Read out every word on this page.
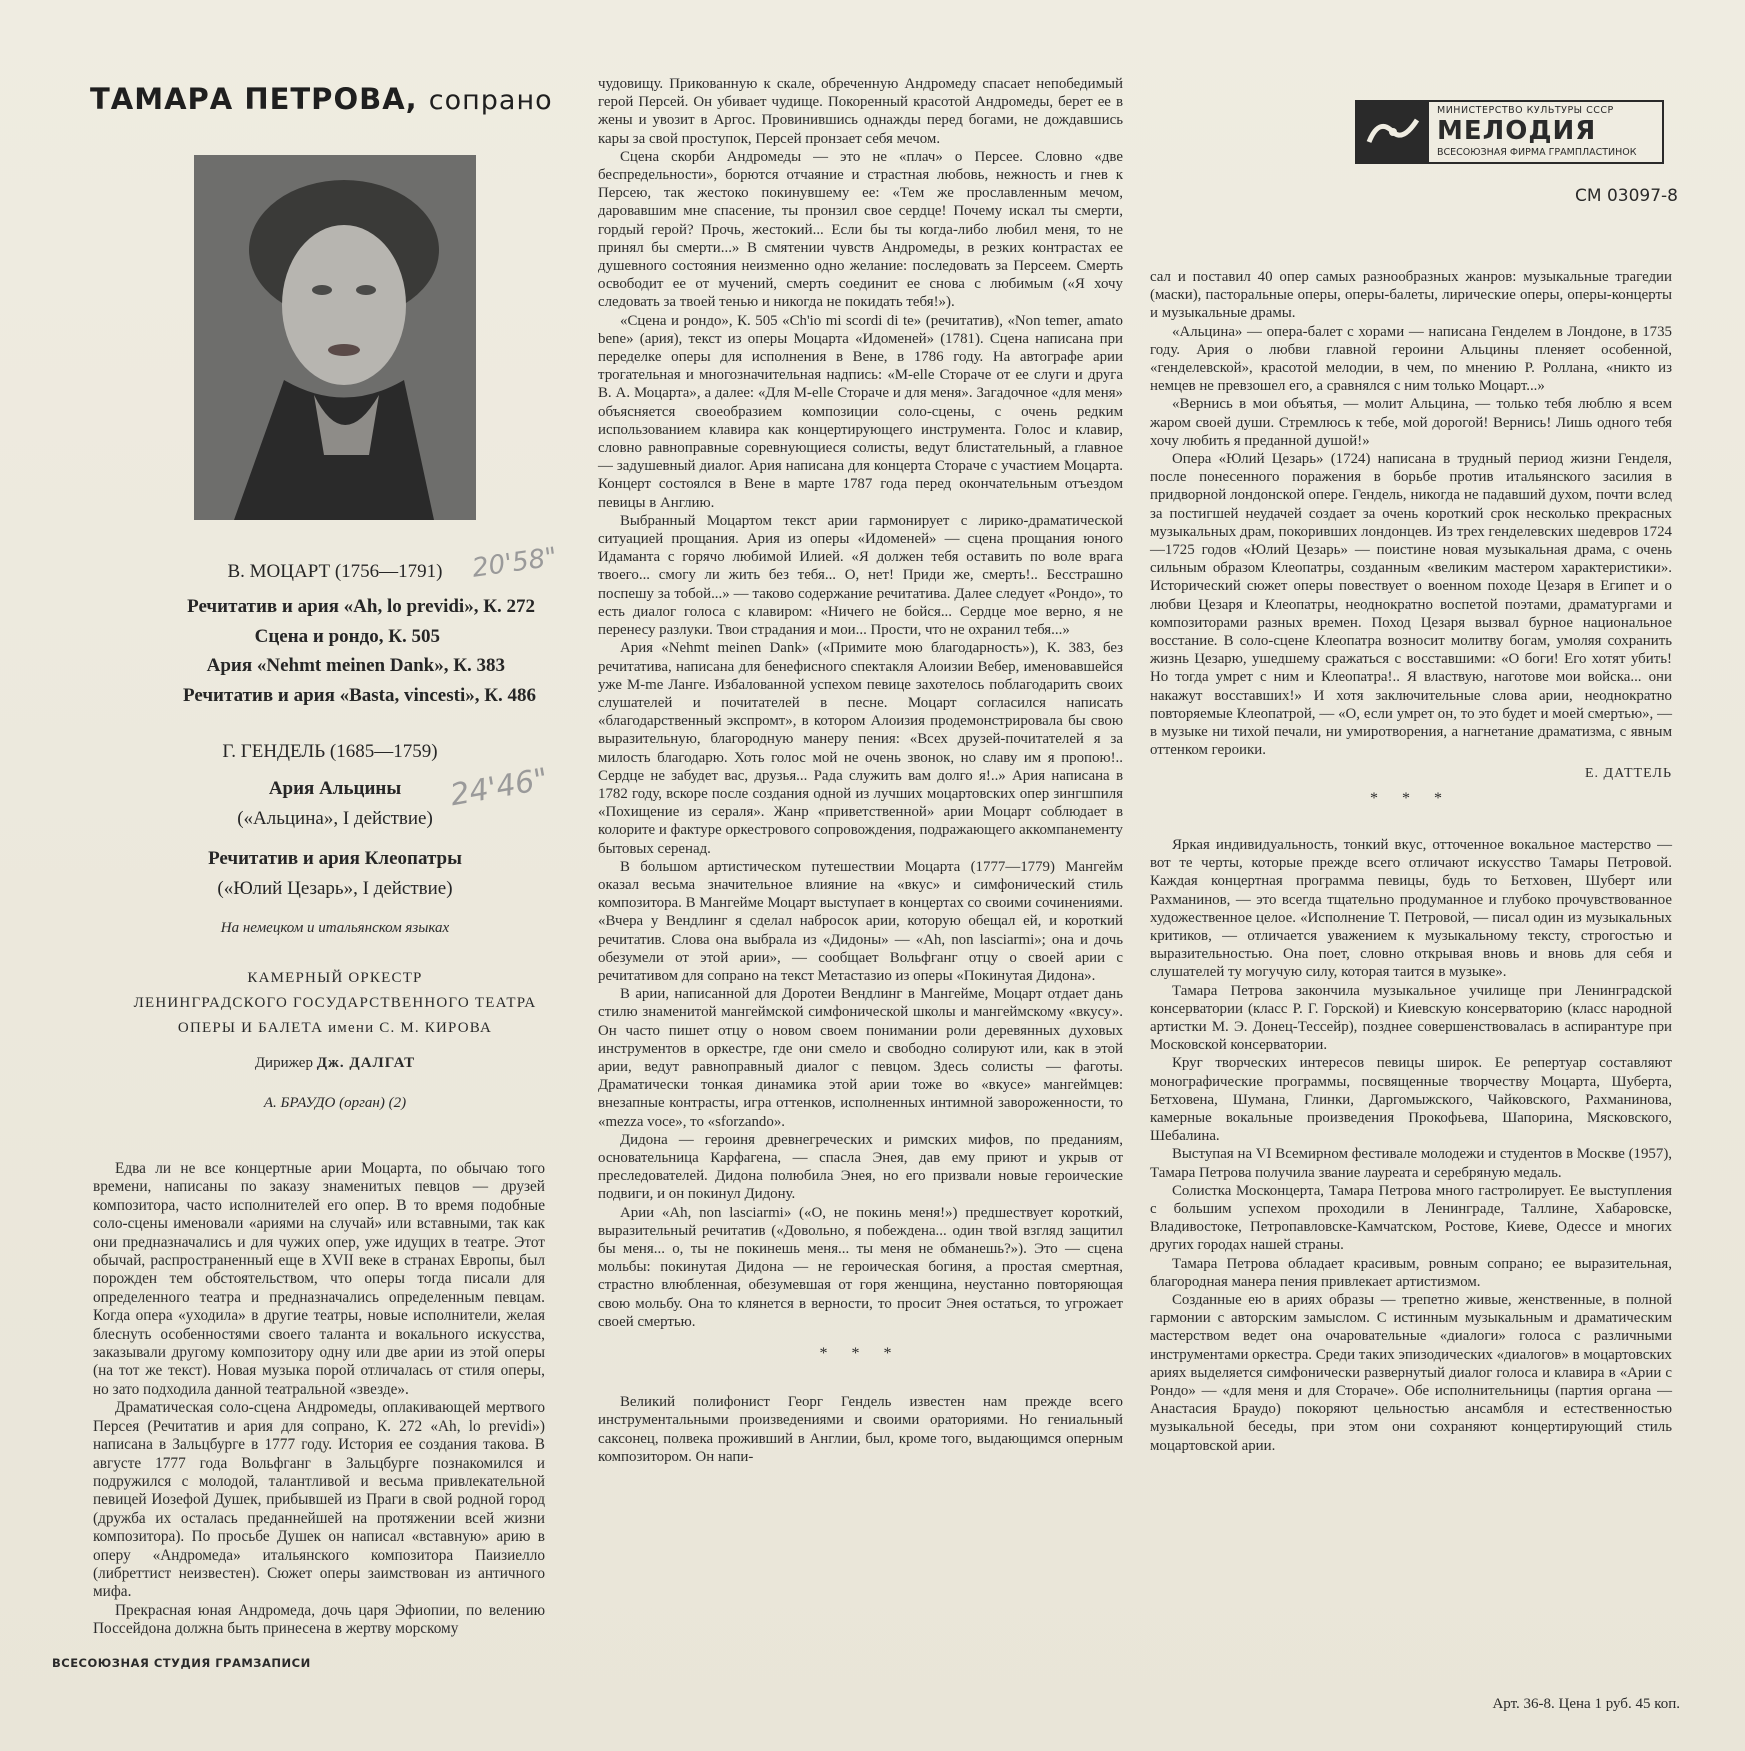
ТАМАРА ПЕТРОВА, сопрано
В. МОЦАРТ (1756—1791)	20'58"
Речитатив и ария «Ah, lo previdi», К. 272
Сцена и рондо, К. 505
Ария «Nehmt meinen Dank», К. 383
Речитатив и ария «Basta, vincesti», К. 486
Г. ГЕНДЕЛЬ (1685—1759)
24'46"
Ария Альцины
(«Альцина», I действие)
Речитатив и ария Клеопатры
(«Юлий Цезарь», I действие)
На немецком и итальянском языках
КАМЕРНЫЙ ОРКЕСТР
ЛЕНИНГРАДСКОГО ГОСУДАРСТВЕННОГО ТЕАТРА
ОПЕРЫ И БАЛЕТА имени С. М. КИРОВА
Дирижер Дж. ДАЛГАТ
А. БРАУДО (орган) (2)

Едва ли не все концертные арии Моцарта, по обычаю того времени, написаны по заказу знаменитых певцов — друзей композитора, часто исполнителей его опер. В то время подобные соло-сцены именовали «ариями на случай» или вставными, так как они предназначались и для чужих опер, уже идущих в театре. Этот обычай, распространенный еще в XVII веке в странах Европы, был порожден тем обстоятельством, что оперы тогда писали для определенного театра и предназначались определенным певцам. Когда опера «уходила» в другие театры, новые исполнители, желая блеснуть особенностями своего таланта и вокального искусства, заказывали другому композитору одну или две арии из этой оперы (на тот же текст). Новая музыка порой отличалась от стиля оперы, но зато подходила данной театральной «звезде».

Драматическая соло-сцена Андромеды, оплакивающей мертвого Персея (Речитатив и ария для сопрано, К. 272 «Ah, lo previdi») написана в Зальцбурге в 1777 году. История ее создания такова. В августе 1777 года Вольфганг в Зальцбурге познакомился и подружился с молодой, талантливой и весьма привлекательной певицей Иозефой Душек, прибывшей из Праги в свой родной город (дружба их осталась преданнейшей на протяжении всей жизни композитора). По просьбе Душек он написал «вставную» арию в оперу «Андромеда» итальянского композитора Паизиелло (либреттист неизвестен). Сюжет оперы заимствован из античного мифа.

Прекрасная юная Андромеда, дочь царя Эфиопии, по велению Поссейдона должна быть принесена в жертву морскому

чудовищу. Прикованную к скале, обреченную Андромеду спасает непобедимый герой Персей. Он убивает чудище. Покоренный красотой Андромеды, берет ее в жены и увозит в Аргос. Провинившись однажды перед богами, не дождавшись кары за свой проступок, Персей пронзает себя мечом.

Сцена скорби Андромеды — это не «плач» о Персее. Словно «две беспредельности», борются отчаяние и страстная любовь, нежность и гнев к Персею, так жестоко покинувшему ее: «Тем же прославленным мечом, даровавшим мне спасение, ты пронзил свое сердце! Почему искал ты смерти, гордый герой? Прочь, жестокий... Если бы ты когда-либо любил меня, то не принял бы смерти...» В смятении чувств Андромеды, в резких контрастах ее душевного состояния неизменно одно желание: последовать за Персеем. Смерть освободит ее от мучений, смерть соединит ее снова с любимым («Я хочу следовать за твоей тенью и никогда не покидать тебя!»).

«Сцена и рондо», К. 505 «Ch'io mi scordi di te» (речитатив), «Non temer, amato bene» (ария), текст из оперы Моцарта «Идоменей» (1781). Сцена написана при переделке оперы для исполнения в Вене, в 1786 году. На автографе арии трогательная и многозначительная надпись: «M-elle Сторaче от ее слуги и друга В. А. Моцарта», а далее: «Для M-elle Сторaче и для меня». Загадочное «для меня» объясняется своеобразием композиции соло-сцены, с очень редким использованием клавира как концертирующего инструмента. Голос и клавир, словно равноправные соревнующиеся солисты, ведут блистательный, а главное — задушевный диалог. Ария написана для концерта Сторaче с участием Моцарта. Концерт состоялся в Вене в марте 1787 года перед окончательным отъездом певицы в Англию.

Выбранный Моцартом текст арии гармонирует с лирико-драматической ситуацией прощания. Ария из оперы «Идоменей» — сцена прощания юного Идаманта с горячо любимой Илией. «Я должен тебя оставить по воле врага твоего... смогу ли жить без тебя... О, нет! Приди же, смерть!.. Бесстрашно поспешу за тобой...» — таково содержание речитатива. Далее следует «Рондо», то есть диалог голоса с клавиром: «Ничего не бойся... Сердце мое верно, я не перенесу разлуки. Твои страдания и мои... Прости, что не охранил тебя...»

Ария «Nehmt meinen Dank» («Примите мою благодарность»), К. 383, без речитатива, написана для бенефисного спектакля Алоизии Вебер, именовавшейся уже M-me Ланге. Избалованной успехом певице захотелось поблагодарить своих слушателей и почитателей в песне. Моцарт согласился написать «благодарственный экспромт», в котором Алоизия продемонстрировала бы свою выразительную, благородную манеру пения: «Всех друзей-почитателей я за милость благодарю. Хоть голос мой не очень звонок, но славу им я пропою!.. Сердце не забудет вас, друзья... Рада служить вам долго я!..» Ария написана в 1782 году, вскоре после создания одной из лучших моцартовских опер зингшпиля «Похищение из сераля». Жанр «приветственной» арии Моцарт соблюдает в колорите и фактуре оркестрового сопровождения, подражающего аккомпанементу бытовых серенад.

В большом артистическом путешествии Моцарта (1777—1779) Мангейм оказал весьма значительное влияние на «вкус» и симфонический стиль композитора. В Мангейме Моцарт выступает в концертах со своими сочинениями. «Вчера у Вендлинг я сделал набросок арии, которую обещал ей, и короткий речитатив. Слова она выбрала из «Дидоны» — «Ah, non lasciarmi»; она и дочь обезумели от этой арии», — сообщает Вольфганг отцу о своей арии с речитативом для сопрано на текст Метастазио из оперы «Покинутая Дидона».

В арии, написанной для Доротеи Вендлинг в Мангейме, Моцарт отдает дань стилю знаменитой мангеймской симфонической школы и мангеймскому «вкусу». Он часто пишет отцу о новом своем понимании роли деревянных духовых инструментов в оркестре, где они смело и свободно солируют или, как в этой арии, ведут равноправный диалог с певцом. Здесь солисты — фаготы. Драматически тонкая динамика этой арии тоже во «вкусе» мангеймцев: внезапные контрасты, игра оттенков, исполненных интимной завороженности, то «mezza voce», то «sforzando».

Дидона — героиня древнегреческих и римских мифов, по преданиям, основательница Карфагена, — спасла Энея, дав ему приют и укрыв от преследователей. Дидона полюбила Энея, но его призвали новые героические подвиги, и он покинул Дидону.

Арии «Ah, non lasciarmi» («О, не покинь меня!») предшествует короткий, выразительный речитатив («Довольно, я побеждена... один твой взгляд защитил бы меня... о, ты не покинешь меня... ты меня не обманешь?»). Это — сцена мольбы: покинутая Дидона — не героическая богиня, а простая смертная, страстно влюбленная, обезумевшая от горя женщина, неустанно повторяющая свою мольбу. Она то клянется в верности, то просит Энея остаться, то угрожает своей смертью.

* * *

Великий полифонист Георг Гендель известен нам прежде всего инструментальными произведениями и своими ораториями. Но гениальный саксонец, полвека проживший в Англии, был, кроме того, выдающимся оперным композитором. Он напи-

МИНИСТЕРСТВО КУЛЬТУРЫ СССР
МЕЛОДИЯ
ВСЕСОЮЗНАЯ ФИРМА ГРАМПЛАСТИНОК
СМ 03097-8

сал и поставил 40 опер самых разнообразных жанров: музыкальные трагедии (маски), пасторальные оперы, оперы-балеты, лирические оперы, оперы-концерты и музыкальные драмы.

«Альцина» — опера-балет с хорами — написана Генделем в Лондоне, в 1735 году. Ария о любви главной героини Альцины пленяет особенной, «генделевской», красотой мелодии, в чем, по мнению Р. Роллана, «никто из немцев не превзошел его, а сравнялся с ним только Моцарт...»

«Вернись в мои объятья, — молит Альцина, — только тебя люблю я всем жаром своей души. Стремлюсь к тебе, мой дорогой! Вернись! Лишь одного тебя хочу любить я преданной душой!»

Опера «Юлий Цезарь» (1724) написана в трудный период жизни Генделя, после понесенного поражения в борьбе против итальянского засилия в придворной лондонской опере. Гендель, никогда не падавший духом, почти вслед за постигшей неудачей создает за очень короткий срок несколько прекрасных музыкальных драм, покоривших лондонцев. Из трех генделевских шедевров 1724—1725 годов «Юлий Цезарь» — поистине новая музыкальная драма, с очень сильным образом Клеопатры, созданным «великим мастером характеристики». Исторический сюжет оперы повествует о военном походе Цезаря в Египет и о любви Цезаря и Клеопатры, неоднократно воспетой поэтами, драматургами и композиторами разных времен. Поход Цезаря вызвал бурное национальное восстание. В соло-сцене Клеопатра возносит молитву богам, умоляя сохранить жизнь Цезарю, ушедшему сражаться с восставшими: «О боги! Его хотят убить! Но тогда умрет с ним и Клеопатра!.. Я властвую, наготове мои войска... они накажут восставших!» И хотя заключительные слова арии, неоднократно повторяемые Клеопатрой, — «О, если умрет он, то это будет и моей смертью», — в музыке ни тихой печали, ни умиротворения, а нагнетание драматизма, с явным оттенком героики.

Е. ДАТТЕЛЬ
* * *

Яркая индивидуальность, тонкий вкус, отточенное вокальное мастерство — вот те черты, которые прежде всего отличают искусство Тамары Петровой. Каждая концертная программа певицы, будь то Бетховен, Шуберт или Рахманинов, — это всегда тщательно продуманное и глубоко прочувствованное художественное целое. «Исполнение Т. Петровой, — писал один из музыкальных критиков, — отличается уважением к музыкальному тексту, строгостью и выразительностью. Она поет, словно открывая вновь и вновь для себя и слушателей ту могучую силу, которая таится в музыке».

Тамара Петрова закончила музыкальное училище при Ленинградской консерватории (класс Р. Г. Горской) и Киевскую консерваторию (класс народной артистки М. Э. Донец-Тессейр), позднее совершенствовалась в аспирантуре при Московской консерватории.

Круг творческих интересов певицы широк. Ее репертуар составляют монографические программы, посвященные творчеству Моцарта, Шуберта, Бетховена, Шумана, Глинки, Даргомыжского, Чайковского, Рахманинова, камерные вокальные произведения Прокофьева, Шапорина, Мясковского, Шебалина.

Выступая на VI Всемирном фестивале молодежи и студентов в Москве (1957), Тамара Петрова получила звание лауреата и серебряную медаль.

Солистка Москонцерта, Тамара Петрова много гастролирует. Ее выступления с большим успехом проходили в Ленинграде, Таллине, Хабаровске, Владивостоке, Петропавловске-Камчатском, Ростове, Киеве, Одессе и многих других городах нашей страны.

Тамара Петрова обладает красивым, ровным сопрано; ее выразительная, благородная манера пения привлекает артистизмом.

Созданные ею в ариях образы — трепетно живые, женственные, в полной гармонии с авторским замыслом. С истинным музыкальным и драматическим мастерством ведет она очаровательные «диалоги» голоса с различными инструментами оркестра. Среди таких эпизодических «диалогов» в моцартовских ариях выделяется симфонически развернутый диалог голоса и клавира в «Арии с Рондо» — «для меня и для Сторaче». Обе исполнительницы (партия органа — Анастасия Браудо) покоряют цельностью ансамбля и естественностью музыкальной беседы, при этом они сохраняют концертирующий стиль моцартовской арии.

ВСЕСОЮЗНАЯ СТУДИЯ ГРАМЗАПИСИ
Арт. 36-8. Цена 1 руб. 45 коп.
